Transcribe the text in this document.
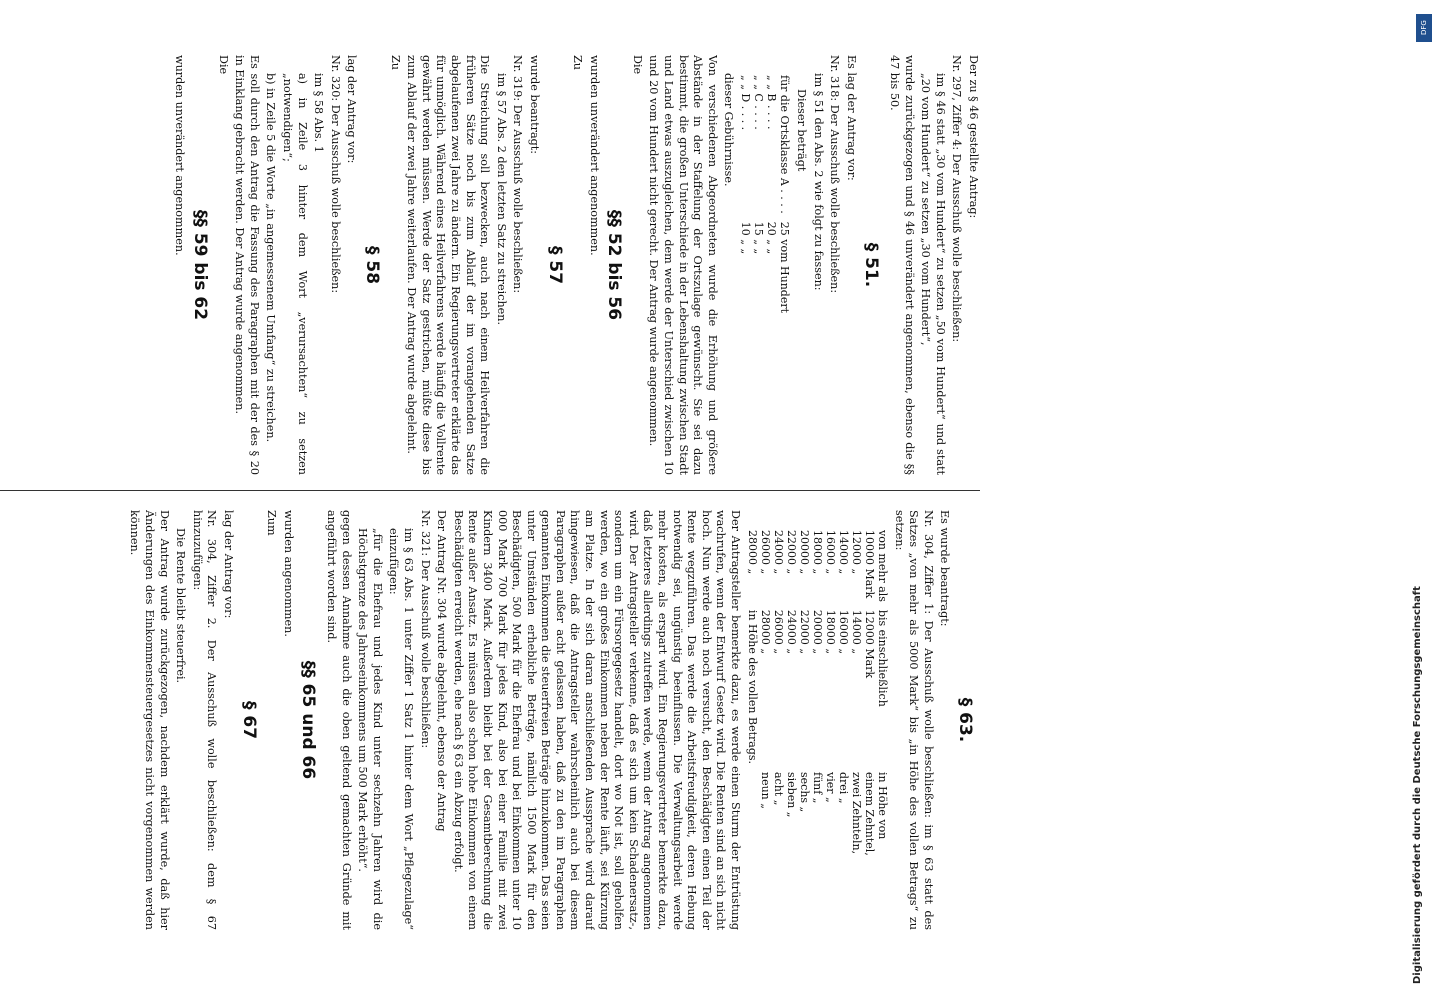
Der zu § 46 gestellte Antrag:

Nr. 297, Ziffer 4: Der Ausschuß wolle beschließen:

im § 46 statt „30 vom Hundert“ zu setzen „50 vom Hundert“ und statt „20 vom Hundert“ zu setzen „30 vom Hundert“,

wurde zurückgezogen und § 46 unverändert angenommen, ebenso die §§ 47 bis 50.

§ 51.

Es lag der Antrag vor:

Nr. 318: Der Ausschuß wolle beschließen:

im § 51 den Abs. 2 wie folgt zu fassen:

Dieser beträgt

für die Ortsklasse A . . . .	25 vom Hundert
„ „ B . . . .	20 „ „
„ „ C . . . .	15 „ „
„ „ D . . . .	10 „ „

dieser Gebührnisse.

Von verschiedenen Abgeordneten wurde die Erhöhung und größere Abstände in der Staffelung der Ortszulage gewünscht. Sie sei dazu bestimmt, die großen Unterschiede in der Lebenshaltung zwischen Stadt und Land etwas auszugleichen, dem werde der Unterschied zwischen 10 und 20 vom Hundert nicht gerecht. Der Antrag wurde angenommen.

Die

§§ 52 bis 56

wurden unverändert angenommen.

Zu

§ 57

wurde beantragt:

Nr. 319: Der Ausschuß wolle beschließen:

im § 57 Abs. 2 den letzten Satz zu streichen.

Die Streichung soll bezwecken, auch nach einem Heilverfahren die früheren Sätze noch bis zum Ablauf der im vorangehenden Satze abgelaufenen zwei Jahre zu ändern. Ein Regierungsvertreter erklärte das für unmöglich. Während eines Heilverfahrens werde häufig die Vollrente gewährt werden müssen. Werde der Satz gestrichen, müßte diese bis zum Ablauf der zwei Jahre weiterlaufen. Der Antrag wurde abgelehnt.

Zu

§ 58

lag der Antrag vor:

Nr. 320: Der Ausschuß wolle beschließen:

im § 58 Abs. 1

a) in Zeile 3 hinter dem Wort „verursachten“ zu setzen „notwendigen“;

b) in Zeile 5 die Worte „in angemessenem Umfang“ zu streichen.

Es soll durch den Antrag die Fassung des Paragraphen mit der des § 20 in Einklang gebracht werden. Der Antrag wurde angenommen.

Die

§§ 59 bis 62

wurden unverändert angenommen.

§ 63.

Es wurde beantragt:

Nr. 304, Ziffer 1: Der Ausschuß wolle beschließen: im § 63 statt des Satzes „von mehr als 5000 Mark“ bis „in Höhe des vollen Betrags“ zu setzen:

von mehr als	bis einschließlich	in Höhe von
10000 Mark	12000 Mark	einem Zehntel,
12000 „	14000 „	zwei Zehnteln,
14000 „	16000 „	drei „
16000 „	18000 „	vier „
18000 „	20000 „	fünf „
20000 „	22000 „	sechs „
22000 „	24000 „	sieben „
24000 „	26000 „	acht „
26000 „	28000 „	neun „
28000 „	in Höhe des vollen Betrags.	

Der Antragsteller bemerkte dazu, es werde einen Sturm der Entrüstung wachrufen, wenn der Entwurf Gesetz wird. Die Renten sind an sich nicht hoch. Nun werde auch noch versucht, den Beschädigten einen Teil der Rente wegzuführen. Das werde die Arbeitsfreudigkeit, deren Hebung notwendig sei, ungünstig beeinflussen. Die Verwaltungsarbeit werde mehr kosten, als erspart wird. Ein Regierungsvertreter bemerkte dazu, daß letzteres allerdings zutreffen werde, wenn der Antrag angenommen wird. Der Antragsteller verkenne, daß es sich um kein Schadenersatz-, sondern um ein Fürsorgegesetz handelt, dort wo Not ist, soll geholfen werden, wo ein großes Einkommen neben der Rente läuft, sei Kürzung am Platze. In der sich daran anschließenden Aussprache wird darauf hingewiesen, daß die Antragsteller wahrscheinlich auch bei diesem Paragraphen außer acht gelassen haben, daß zu den im Paragraphen genannten Einkommen die steuerfreien Beträge hinzukommen. Das seien unter Umständen erhebliche Beträge, nämlich 1500 Mark für den Beschädigten, 500 Mark für die Ehefrau und bei Einkommen unter 10 000 Mark 700 Mark für jedes Kind, also bei einer Familie mit zwei Kindern 3400 Mark. Außerdem bleibt bei der Gesamtberechnung die Rente außer Ansatz. Es müssen also schon hohe Einkommen von einem Beschädigten erreicht werden, ehe nach § 63 ein Abzug erfolgt.

Der Antrag Nr. 304 wurde abgelehnt, ebenso der Antrag

Nr. 321: Der Ausschuß wolle beschließen:

im § 63 Abs. 1 unter Ziffer 1 Satz 1 hinter dem Wort „Pflegezulage“ einzufügen:

„für die Ehefrau und jedes Kind unter sechzehn Jahren wird die Höchstgrenze des Jahreseinkommens um 500 Mark erhöht“.

gegen dessen Annahme auch die oben geltend gemachten Gründe mit angeführt worden sind.

§§ 65 und 66

wurden angenommen.

Zum

§ 67

lag der Antrag vor:

Nr. 304, Ziffer 2. Der Ausschuß wolle beschließen: dem § 67 hinzuzufügen:

Die Rente bleibt steuerfrei.

Der Antrag wurde zurückgezogen, nachdem erklärt wurde, daß hier Änderungen des Einkommensteuergesetzes nicht vorgenommen werden können.

DFG
Digitalisierung gefördert durch die Deutsche Forschungsgemeinschaft
